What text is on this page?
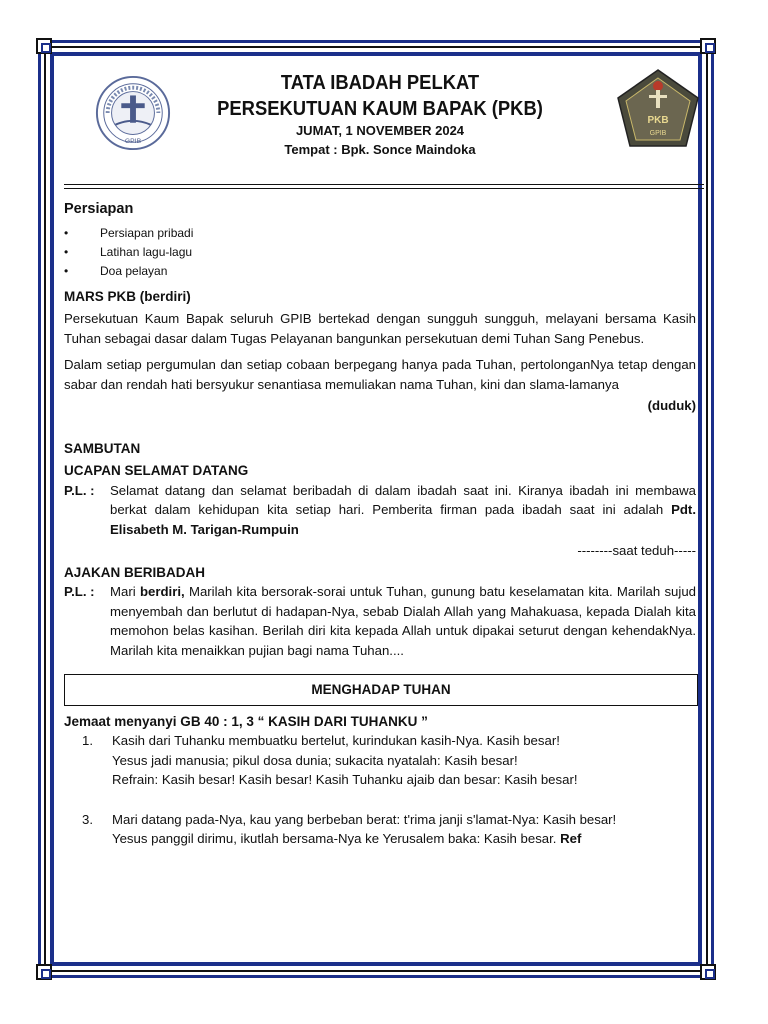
GPIB
TATA IBADAH PELKAT
PERSEKUTUAN KAUM BAPAK (PKB)
JUMAT, 1 NOVEMBER 2024
Tempat : Bpk. Sonce Maindoka
PKB
GPIB
Persiapan
• Persiapan pribadi
• Latihan lagu-lagu
• Doa pelayan
MARS PKB (berdiri)

Persekutuan Kaum Bapak seluruh GPIB bertekad dengan sungguh sungguh, melayani bersama Kasih Tuhan sebagai dasar dalam Tugas Pelayanan bangunkan persekutuan demi Tuhan Sang Penebus.

Dalam setiap pergumulan dan setiap cobaan berpegang hanya pada Tuhan, pertolonganNya tetap dengan sabar dan rendah hati bersyukur senantiasa memuliakan nama Tuhan, kini dan slama-lamanya

(duduk)
SAMBUTAN
UCAPAN SELAMAT DATANG
P.L. :	Selamat datang dan selamat beribadah di dalam ibadah saat ini. Kiranya ibadah ini membawa berkat dalam kehidupan kita setiap hari. Pemberita firman pada ibadah saat ini adalah Pdt. Elisabeth M. Tarigan-Rumpuin
--------saat teduh-----
AJAKAN BERIBADAH
P.L. :	Mari berdiri, Marilah kita bersorak-sorai untuk Tuhan, gunung batu keselamatan kita. Marilah sujud menyembah dan berlutut di hadapan-Nya, sebab Dialah Allah yang Mahakuasa, kepada Dialah kita memohon belas kasihan. Berilah diri kita kepada Allah untuk dipakai seturut dengan kehendakNya. Marilah kita menaikkan pujian bagi nama Tuhan....
MENGHADAP TUHAN
Jemaat menyanyi GB 40 : 1, 3 “ KASIH DARI TUHANKU ”
1.	Kasih dari Tuhanku membuatku bertelut, kurindukan kasih-Nya. Kasih besar!
Yesus jadi manusia; pikul dosa dunia; sukacita nyatalah: Kasih besar!
Refrain: Kasih besar! Kasih besar! Kasih Tuhanku ajaib dan besar: Kasih besar!
3.	Mari datang pada-Nya, kau yang berbeban berat: t'rima janji s'lamat-Nya: Kasih besar!
Yesus panggil dirimu, ikutlah bersama-Nya ke Yerusalem baka: Kasih besar. Ref
